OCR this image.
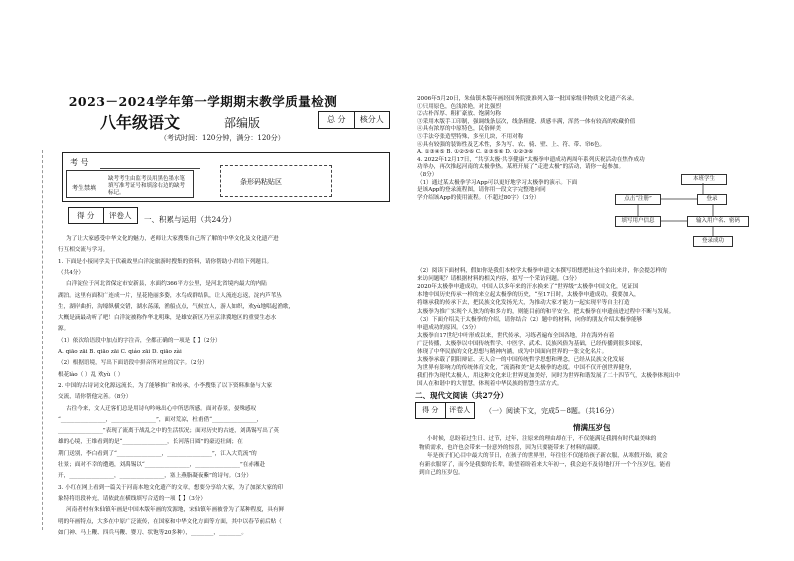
2023－2024学年第一学期期末教学质量检测
八年级语文	部编版	总 分	核分人
（考试时间：120分钟，满分：120分）
考 号
考生禁填
缺考考生由监考员用黑色墨水笔填写准考证号和填涂右边的缺考标记。
条形码粘贴区
得 分	评卷人	一、积累与运用（共24分）
为了让大家感受中华文化的魅力，老师让大家搜集自己所了解的中华文化及文化遗产进
行互相交流与学习。
1. 下面是小接同学关于伏羲故里白洋淀旅游时搜集的资料，请你帮助小君给下列题目。
（共4分）
白洋淀位于河北省保定市安新县，水面约366平方公里，是河北省境内最大的内陆
湖泊。这里有面积广连成一片，星花艳丽多姿，水鸟成群结队，让人流连忘返，淀内芦苇丛
生，湖岸曲折，沟壕纵横交错，湖水荡漾，渔船点点，气候宜人，游人如织，欢yù地唱起渔歌，
大概是滴最动听了吧！白洋淀被称作华北明珠，是雄安新区乃至京津冀地区的重要生态水
源。
（1）依次给语段中加点的字注音，全都正确的一项是【 】（2分）
A. qiāo zāi B. qiāo zāi C. qiáo zāi D. qiāo zài
（2）根据语境，写出下面语段中拼音所对应的汉字。（2分）
根花lào（ ）乱 欢yù（ ）
2. 中国的古诗词文化源远流长，为了能够推广和传承，小李搜集了以下资料准备与大家
交流，请你帮他完善。（8分）
古往今来，文人迁客们总是用诗句吟咏出心中所思所感。面对春景，晏殊感叹
“________________，________________”，面对荒凉，杜甫借“________________，
________________”表现了流离于战乱之中的生活状况；面对历史的古迹，刘禹锡写出了英
雄的心境，王维看到的是“________________，长河落日圆”的豪迈壮阔；在
荆门送别，李白看到了“________________，________________”，江入大荒流”的
壮景；面对不幸的遭遇，刘禹锡以“________________，________________”在赤湘赴
开，________________，________________，塞上燕脂凝夜紫”的诗句。（3分）
3. 小红在网上看到一篇关于河南本地文化遗产的文章，想要分享给大家，为了加深大家的印
象特将语段补充，请依此在横线填写合适的一项【 】（3分）
河南者村有朱仙镇年画是中国木版年画的发源地，宋仙镇年画被誉为了某种程度，具有鲜
明的年画特点，大多在中原广泛流传，在国家和中华文化方面等方面，其中以春节前后贴（
如门神、马上鞭、四兵马鞭、婴刀、状饱等20多种），________，________。
2006年5月20日，朱仙镇木版年画经国务院批准列入第一批国家级非物质文化遗产名录。
①只用原色，色浅浓艳，对比强烈
②古朴浑厚、粗犷豪放、饱满匀称
③采用木版手工印制，强调线条层次，线条粗健、质感丰满，浑然一体有较高的收藏价值
④具有浓厚的中原特色，民俗鲜美
⑤手法夸张造型特殊，多至几块，不用对称
⑥具有较强的装饰性及艺术性，多为写、农、骑、壁、上、符、带、帘6色。
A. ①③④⑤ B. ①②⑤⑥ C. ②③⑤⑥ D. ①②③⑥
4. 2022年12月17日，“共享太极·共享健康”太极拳申遗成功两周年系列庆祝活动在焦作成功
功举办，再次推起河南的太极拳热。某班开展了“走进太极”的活动，请你一起参加。
（8分）
（1）通过某太极拳学习App可以更好地学习太极拳的演示。下面
是该App的登录流程图，请你用一段文字完整地向同
学介绍该App的使用流程。（不超过80字）（3分）
本班学生
点击“注册”	登录
输入用户名、密码
填写用户信息
登录成功
（2）阅读下面材料，假如你是我们本校学太极拳申遗文本撰写组想把扯这个拍出来并，你会提怎样的
来访问题呢？请根据材料的相关内容，拟写一个采访问题。（3分）
2020年太极拳申遗成功，中国人以多年来的汗水换来了“世界级”太极拳中国文化，见证国
本地中国历史传承一样的来立起太极拳的历史，“至17日时，太极拳申遗成功，我要加入，
将继承我的传承下去，把民族文化发扬光大，为推动大家才能力一起实现平等自主打造
太极拳为推广实现个人独为的和多方的，则能目前的和平安全，把太极拳在申遗前进过程中不断与发展。
（3）下面介绍关于太极拳的介绍，请你结合（2）题中的材料，向你的朋友介绍太极拳能够
申遗成功的原因。（3分）
太极拳自17世纪中叶形成以来，世代传承，习练者遍布全国各地，并在海外有着
广泛传播，太极拳以中国传统哲学、中医学、武术、民族风俗为基础，已经传播到很多国家，
体现了中华民族的文化思想与精神内涵，成为中国面向世界的一张文化名片。
太极拳承载了阴阳辩证、天人合一的中国传统哲学思想和理念，已经从民族文化发展
为世界有影响力的传统体育文化，“流淌和美”是太极拳的态度。中国不仅开创世界健身，
我们作为现代太极人，用这种文化来让世界更加美好，同时为世界和谐发展了二十四节气，太极拳体现出中
国人在和谐中的大智慧，体现着中华民族的智慧生活方式。
二、现代文阅读（共27分）
得 分	评卷人	（一）阅读下文，完成5－8题。（共16分）
情满压岁包
小时候，总盼着过生日、过节，过年，注原来的理由却在于，不仅能满足我拥有时代最美味的
物质需求，也许也会带来一份意外的惊喜，因为只要能带来了材料的温暖。
年是孩子们心目中最大的节日，在孩子的世界里，年往往不仅能给孩子新衣服，从寒假开始，就会
有新衣服穿了，而今是我要的长辈，盼望着盼着来大年初一，我会迫不及待地打开一个个压岁包，能看
到自己的压岁包。
